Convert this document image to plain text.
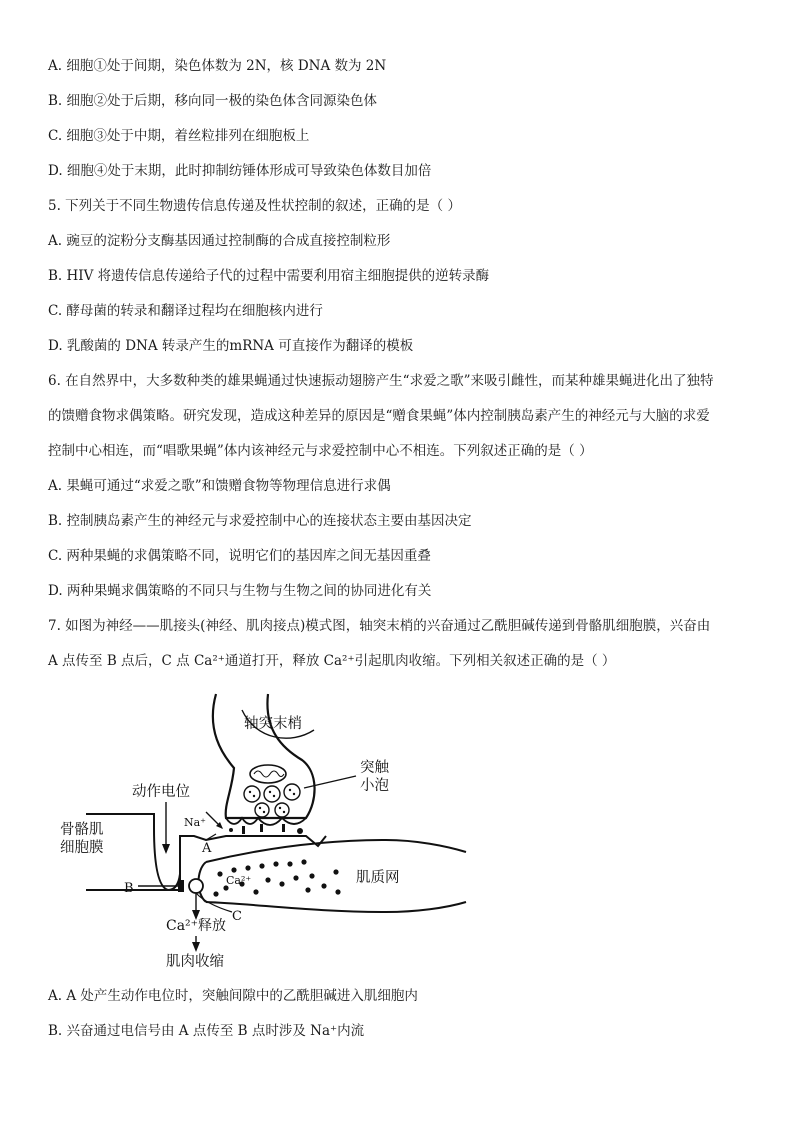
A. 细胞①处于间期，染色体数为 2N，核 DNA 数为 2N
B. 细胞②处于后期，移向同一极的染色体含同源染色体
C. 细胞③处于中期，着丝粒排列在细胞板上
D. 细胞④处于末期，此时抑制纺锤体形成可导致染色体数目加倍
5. 下列关于不同生物遗传信息传递及性状控制的叙述，正确的是（ ）
A. 豌豆的淀粉分支酶基因通过控制酶的合成直接控制粒形
B. HIV 将遗传信息传递给子代的过程中需要利用宿主细胞提供的逆转录酶
C. 酵母菌的转录和翻译过程均在细胞核内进行
D. 乳酸菌的 DNA 转录产生的mRNA 可直接作为翻译的模板
6. 在自然界中，大多数种类的雄果蝇通过快速振动翅膀产生“求爱之歌”来吸引雌性，而某种雄果蝇进化出了独特
的馈赠食物求偶策略。研究发现，造成这种差异的原因是“赠食果蝇”体内控制胰岛素产生的神经元与大脑的求爱
控制中心相连，而“唱歌果蝇”体内该神经元与求爱控制中心不相连。下列叙述正确的是（ ）
A. 果蝇可通过“求爱之歌”和馈赠食物等物理信息进行求偶
B. 控制胰岛素产生的神经元与求爱控制中心的连接状态主要由基因决定
C. 两种果蝇的求偶策略不同，说明它们的基因库之间无基因重叠
D. 两种果蝇求偶策略的不同只与生物与生物之间的协同进化有关
7. 如图为神经——肌接头(神经、肌肉接点)模式图，轴突末梢的兴奋通过乙酰胆碱传递到骨骼肌细胞膜，兴奋由
A 点传至 B 点后，C 点 Ca²⁺通道打开，释放 Ca²⁺引起肌肉收缩。下列相关叙述正确的是（ ）
轴突末梢
突触
小泡
动作电位
Na⁺
骨骼肌
细胞膜	A
B
C
Ca²⁺	肌质网
Ca²⁺释放
肌肉收缩
A. A 处产生动作电位时，突触间隙中的乙酰胆碱进入肌细胞内
B. 兴奋通过电信号由 A 点传至 B 点时涉及 Na⁺内流
